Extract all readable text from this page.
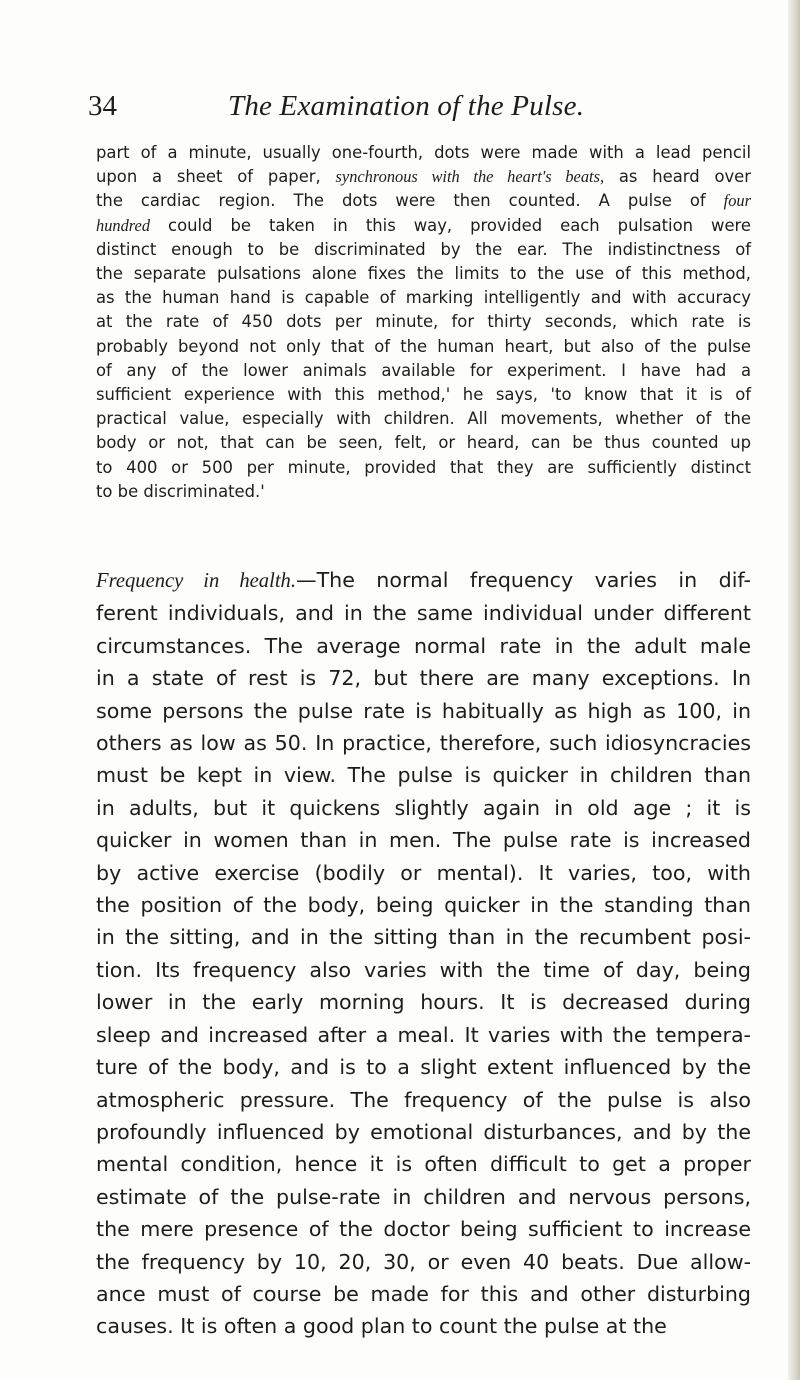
34	The Examination of the Pulse.
part of a minute, usually one-fourth, dots were made with a lead pencil
upon a sheet of paper, synchronous with the heart's beats, as heard over
the cardiac region. The dots were then counted. A pulse of four
hundred could be taken in this way, provided each pulsation were
distinct enough to be discriminated by the ear. The indistinctness of
the separate pulsations alone fixes the limits to the use of this method,
as the human hand is capable of marking intelligently and with accuracy
at the rate of 450 dots per minute, for thirty seconds, which rate is
probably beyond not only that of the human heart, but also of the pulse
of any of the lower animals available for experiment. I have had a
sufficient experience with this method,' he says, 'to know that it is of
practical value, especially with children. All movements, whether of the
body or not, that can be seen, felt, or heard, can be thus counted up
to 400 or 500 per minute, provided that they are sufficiently distinct
to be discriminated.'
Frequency in health.—The normal frequency varies in dif-
ferent individuals, and in the same individual under different
circumstances. The average normal rate in the adult male
in a state of rest is 72, but there are many exceptions. In
some persons the pulse rate is habitually as high as 100, in
others as low as 50. In practice, therefore, such idiosyncracies
must be kept in view. The pulse is quicker in children than
in adults, but it quickens slightly again in old age ; it is
quicker in women than in men. The pulse rate is increased
by active exercise (bodily or mental). It varies, too, with
the position of the body, being quicker in the standing than
in the sitting, and in the sitting than in the recumbent posi-
tion. Its frequency also varies with the time of day, being
lower in the early morning hours. It is decreased during
sleep and increased after a meal. It varies with the tempera-
ture of the body, and is to a slight extent influenced by the
atmospheric pressure. The frequency of the pulse is also
profoundly influenced by emotional disturbances, and by the
mental condition, hence it is often difficult to get a proper
estimate of the pulse-rate in children and nervous persons,
the mere presence of the doctor being sufficient to increase
the frequency by 10, 20, 30, or even 40 beats. Due allow-
ance must of course be made for this and other disturbing
causes. It is often a good plan to count the pulse at the
